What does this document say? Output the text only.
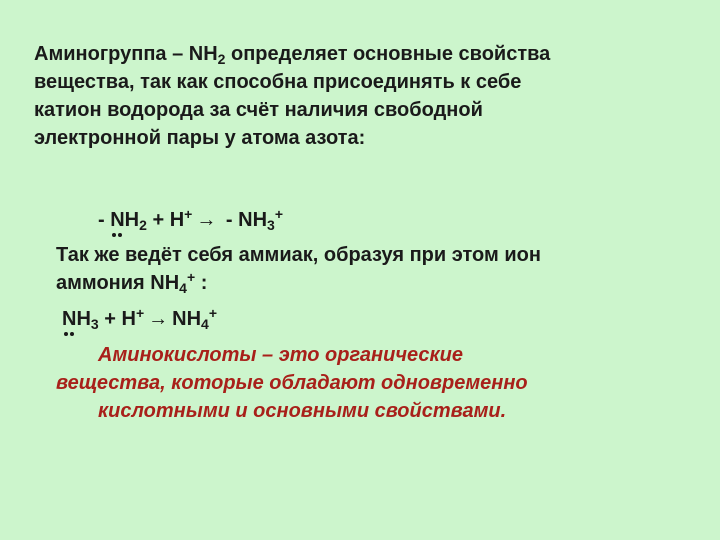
Аминогруппа – $NH_2$ определяет основные свойства
вещества, так как способна присоединять к себе
катион водорода за счёт наличия свободной
электронной пары у атома азота:
- $NH_2 + H^+$ → - $NH_3^+$
Так же ведёт себя аммиак, образуя при этом ион
аммония $NH_4^+$ :
$NH_3 + H^+ \to NH_4^+$
Аминокислоты – это органические
вещества, которые обладают одновременно
кислотными и основными свойствами.
